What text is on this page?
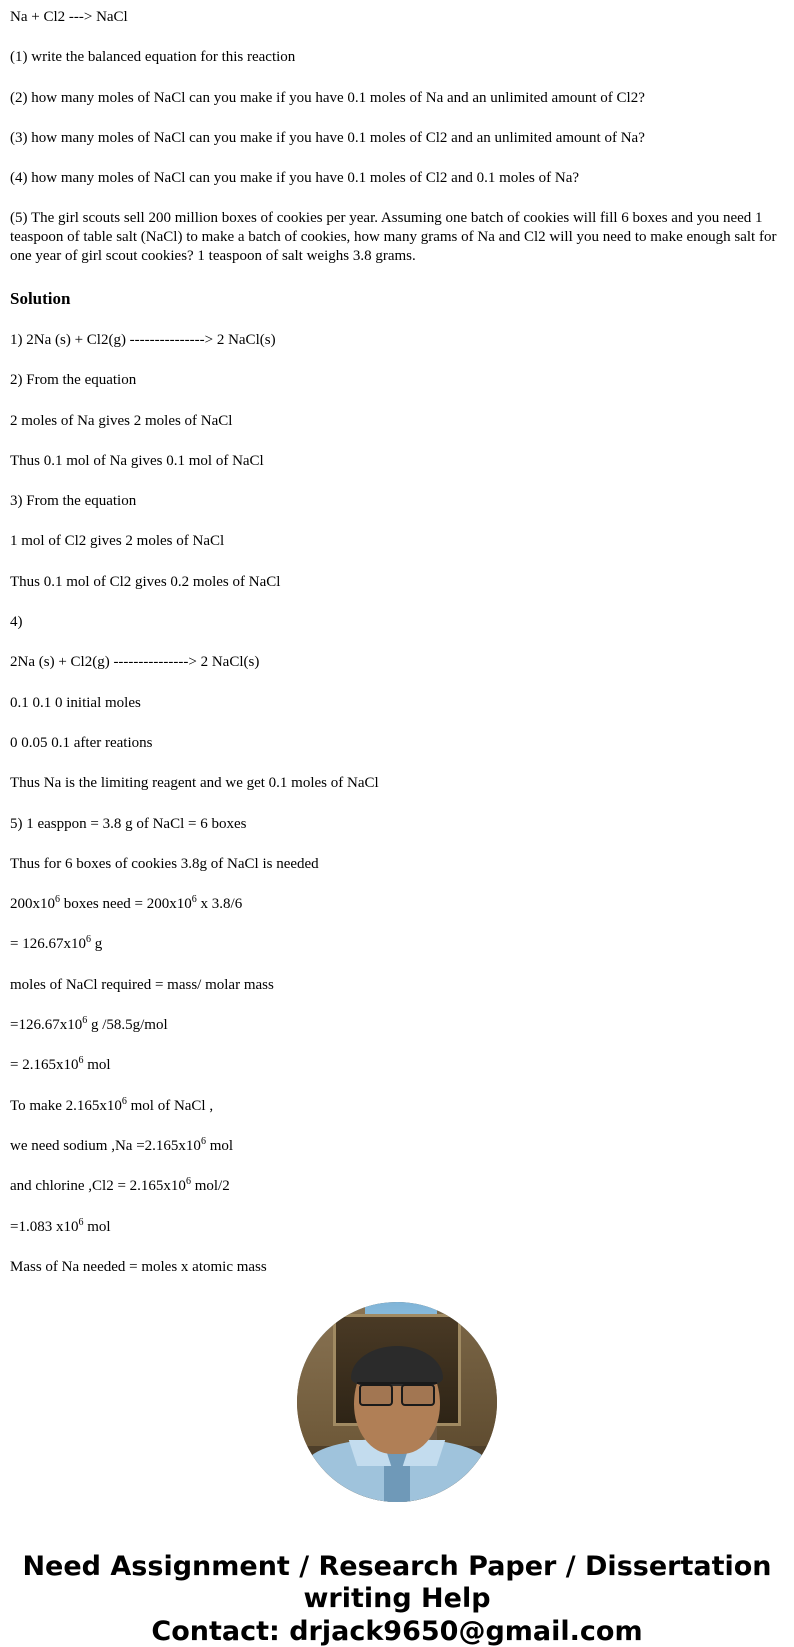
Na + Cl2 ---> NaCl

(1) write the balanced equation for this reaction

(2) how many moles of NaCl can you make if you have 0.1 moles of Na and an unlimited amount of Cl2?

(3) how many moles of NaCl can you make if you have 0.1 moles of Cl2 and an unlimited amount of Na?

(4) how many moles of NaCl can you make if you have 0.1 moles of Cl2 and 0.1 moles of Na?

(5) The girl scouts sell 200 million boxes of cookies per year. Assuming one batch of cookies will fill 6 boxes and you need 1 teaspoon of table salt (NaCl) to make a batch of cookies, how many grams of Na and Cl2 will you need to make enough salt for one year of girl scout cookies? 1 teaspoon of salt weighs 3.8 grams.

Solution

1) 2Na (s) + Cl2(g) ---------------> 2 NaCl(s)

2) From the equation

2 moles of Na gives 2 moles of NaCl

Thus 0.1 mol of Na gives 0.1 mol of NaCl

3) From the equation

1 mol of Cl2 gives 2 moles of NaCl

Thus 0.1 mol of Cl2 gives 0.2 moles of NaCl

4)

2Na (s) + Cl2(g) ---------------> 2 NaCl(s)

0.1 0.1 0 initial moles

0 0.05 0.1 after reations

Thus Na is the limiting reagent and we get 0.1 moles of NaCl

5) 1 easppon = 3.8 g of NaCl = 6 boxes

Thus for 6 boxes of cookies 3.8g of NaCl is needed

$200x10^6$ boxes need = $200x10^6$ x 3.8/6

= $126.67x10^6$ g

moles of NaCl required = mass/ molar mass

$=126.67x10^6$ g /58.5g/mol

= $2.165x10^6$ mol

To make $2.165x10^6$ mol of NaCl ,

we need sodium $,Na =2.165x10^6$ mol

and chlorine $,Cl2 = 2.165x10^6$ mol/2

=1.083 $x10^6$ mol

Mass of Na needed = moles x atomic mass

Need Assignment / Research Paper / Dissertation
writing Help
Contact: drjack9650@gmail.com
